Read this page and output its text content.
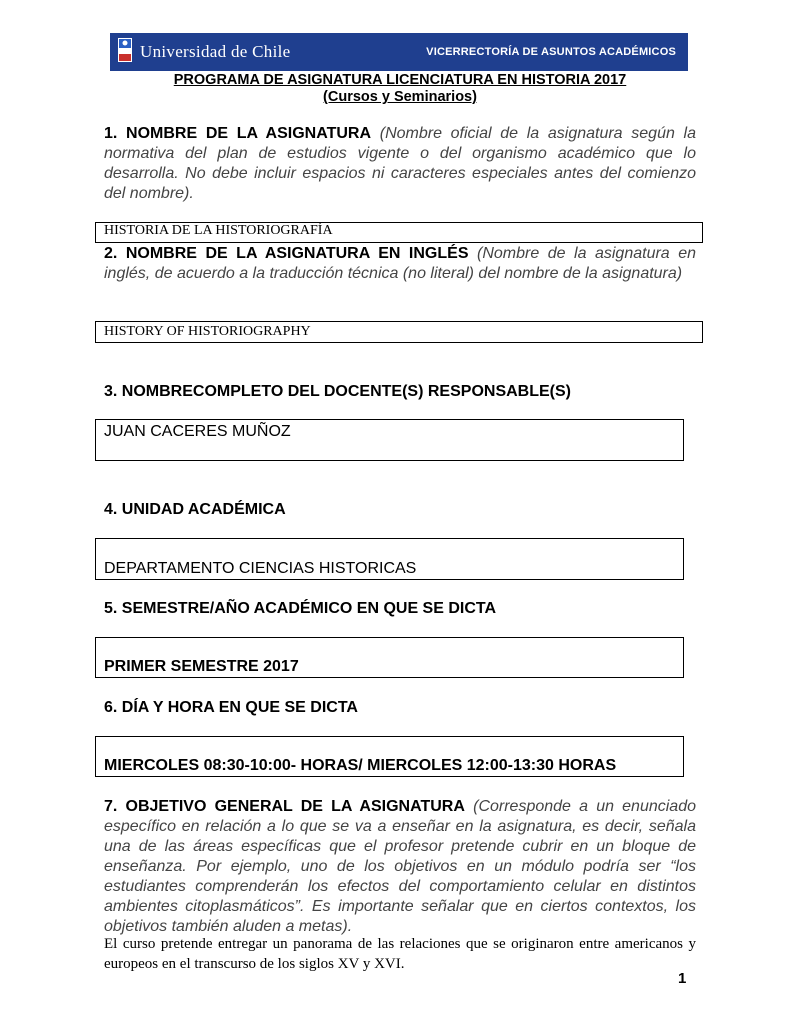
Universidad de Chile	VICERRECTORÍA DE ASUNTOS ACADÉMICOS
PROGRAMA DE ASIGNATURA LICENCIATURA EN HISTORIA 2017
(Cursos y Seminarios)
1. NOMBRE DE LA ASIGNATURA (Nombre oficial de la asignatura según la normativa del plan de estudios vigente o del organismo académico que lo desarrolla. No debe incluir espacios ni caracteres especiales antes del comienzo del nombre).
HISTORIA DE LA HISTORIOGRAFÍA
2. NOMBRE DE LA ASIGNATURA EN INGLÉS (Nombre de la asignatura en inglés, de acuerdo a la traducción técnica (no literal) del nombre de la asignatura)
HISTORY OF HISTORIOGRAPHY
3. NOMBRECOMPLETO DEL DOCENTE(S) RESPONSABLE(S)
JUAN CACERES MUÑOZ
4. UNIDAD ACADÉMICA
DEPARTAMENTO CIENCIAS HISTORICAS
5. SEMESTRE/AÑO ACADÉMICO EN QUE SE DICTA
PRIMER SEMESTRE 2017
6. DÍA Y HORA EN QUE SE DICTA
MIERCOLES 08:30-10:00- HORAS/ MIERCOLES 12:00-13:30 HORAS
7. OBJETIVO GENERAL DE LA ASIGNATURA (Corresponde a un enunciado específico en relación a lo que se va a enseñar en la asignatura, es decir, señala una de las áreas específicas que el profesor pretende cubrir en un bloque de enseñanza. Por ejemplo, uno de los objetivos en un módulo podría ser “los estudiantes comprenderán los efectos del comportamiento celular en distintos ambientes citoplasmáticos”. Es importante señalar que en ciertos contextos, los objetivos también aluden a metas).
El curso pretende entregar un panorama de las relaciones que se originaron entre americanos y europeos en el transcurso de los siglos XV y XVI.
1
